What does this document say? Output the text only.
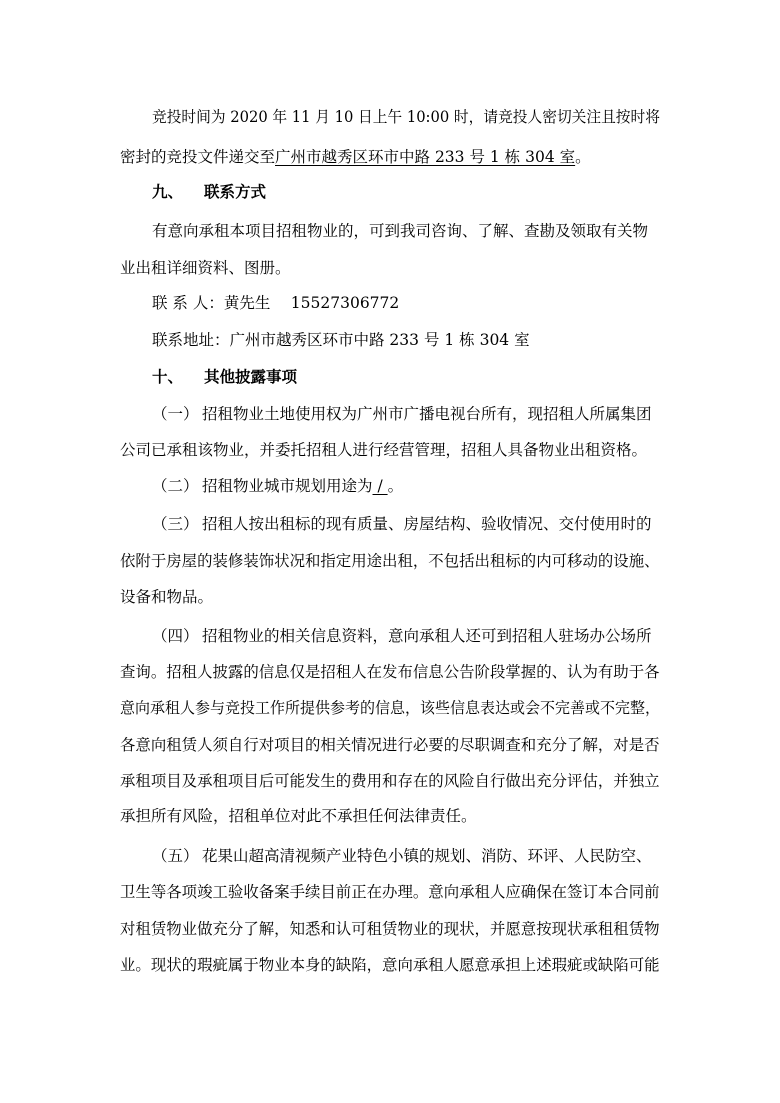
竞投时间为 2020 年 11 月 10 日上午 10:00 时，请竞投人密切关注且按时将
密封的竞投文件递交至广州市越秀区环市中路 233 号 1 栋 304 室。
九、 联系方式
有意向承租本项目招租物业的，可到我司咨询、了解、查勘及领取有关物
业出租详细资料、图册。
联 系 人：黄先生　 15527306772
联系地址：广州市越秀区环市中路 233 号 1 栋 304 室
十、 其他披露事项
（一） 招租物业土地使用权为广州市广播电视台所有，现招租人所属集团
公司已承租该物业，并委托招租人进行经营管理，招租人具备物业出租资格。
（二） 招租物业城市规划用途为 / 。
（三） 招租人按出租标的现有质量、房屋结构、验收情况、交付使用时的
依附于房屋的装修装饰状况和指定用途出租，不包括出租标的内可移动的设施、
设备和物品。
（四） 招租物业的相关信息资料，意向承租人还可到招租人驻场办公场所
查询。招租人披露的信息仅是招租人在发布信息公告阶段掌握的、认为有助于各
意向承租人参与竞投工作所提供参考的信息，该些信息表达或会不完善或不完整，
各意向租赁人须自行对项目的相关情况进行必要的尽职调查和充分了解，对是否
承租项目及承租项目后可能发生的费用和存在的风险自行做出充分评估，并独立
承担所有风险，招租单位对此不承担任何法律责任。
（五） 花果山超高清视频产业特色小镇的规划、消防、环评、人民防空、
卫生等各项竣工验收备案手续目前正在办理。意向承租人应确保在签订本合同前
对租赁物业做充分了解，知悉和认可租赁物业的现状，并愿意按现状承租租赁物
业。现状的瑕疵属于物业本身的缺陷，意向承租人愿意承担上述瑕疵或缺陷可能
